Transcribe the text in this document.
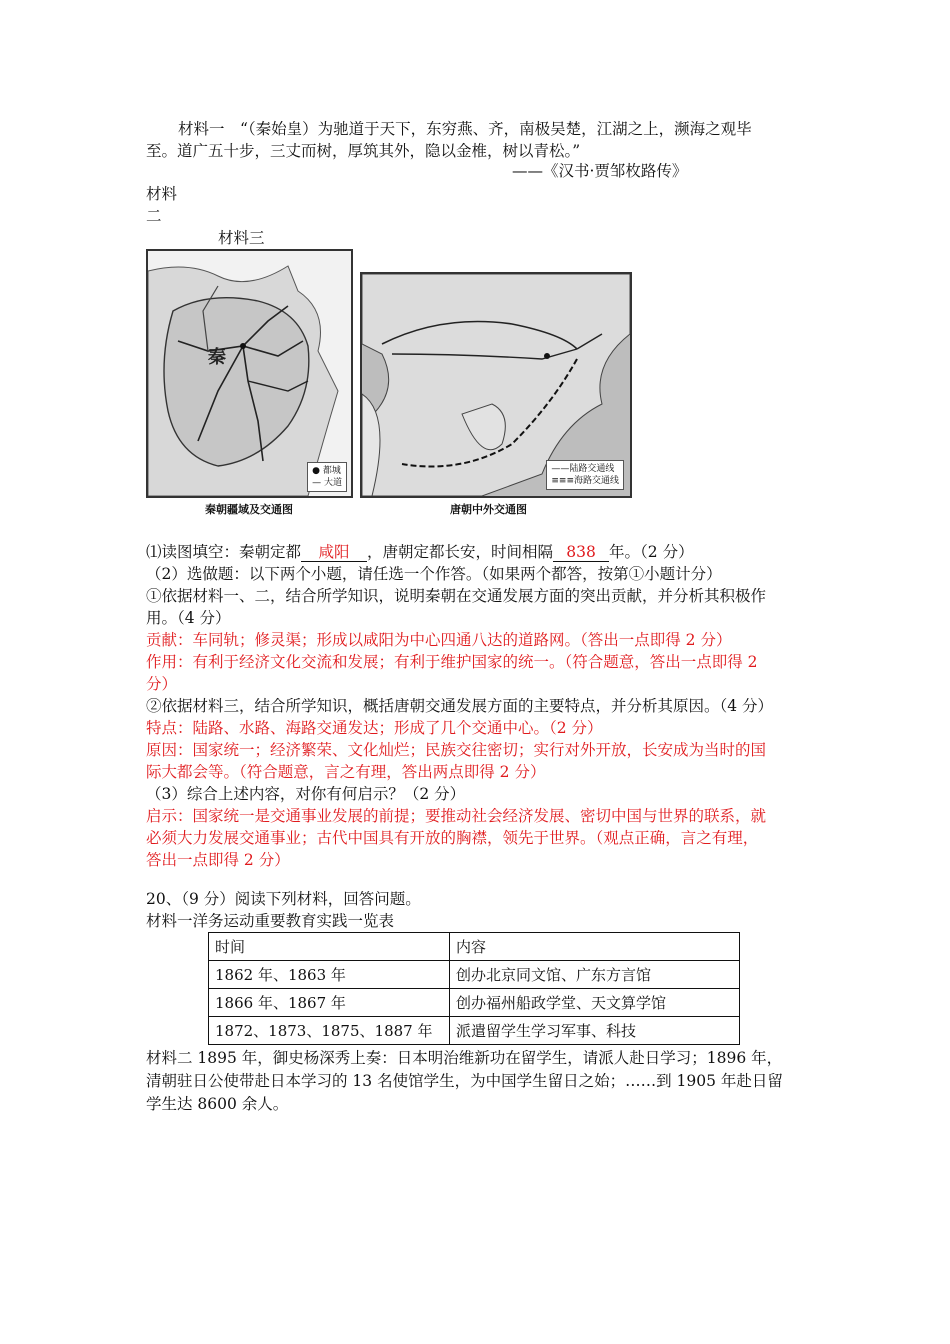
材料一　“（秦始皇）为驰道于天下，东穷燕、齐，南极吴楚，江湖之上，濒海之观毕
至。道广五十步，三丈而树，厚筑其外，隐以金椎，树以青松。”
——《汉书·贾邹枚路传》
材料
二
材料三
秦
● 都城
— 大道
秦朝疆域及交通图
——陆路交通线
≡≡≡海路交通线
唐朝中外交通图
⑴读图填空：秦朝定都 咸阳 ，唐朝定都长安，时间相隔 838 年。（2 分）
（2）选做题：以下两个小题，请任选一个作答。（如果两个都答，按第①小题计分）
①依据材料一、二，结合所学知识，说明秦朝在交通发展方面的突出贡献，并分析其积极作
用。（4 分）
贡献：车同轨；修灵渠；形成以咸阳为中心四通八达的道路网。（答出一点即得 2 分）
作用：有利于经济文化交流和发展；有利于维护国家的统一。（符合题意，答出一点即得 2
分）
②依据材料三，结合所学知识，概括唐朝交通发展方面的主要特点，并分析其原因。（4 分）
特点：陆路、水路、海路交通发达；形成了几个交通中心。（2 分）
原因：国家统一；经济繁荣、文化灿烂；民族交往密切；实行对外开放，长安成为当时的国
际大都会等。（符合题意，言之有理，答出两点即得 2 分）
（3）综合上述内容，对你有何启示？（2 分）
启示：国家统一是交通事业发展的前提；要推动社会经济发展、密切中国与世界的联系，就
必须大力发展交通事业；古代中国具有开放的胸襟，领先于世界。（观点正确，言之有理，
答出一点即得 2 分）
20、（9 分）阅读下列材料，回答问题。
材料一洋务运动重要教育实践一览表
时间	内容
1862 年、1863 年	创办北京同文馆、广东方言馆
1866 年、1867 年	创办福州船政学堂、天文算学馆
1872、1873、1875、1887 年	派遣留学生学习军事、科技
材料二 1895 年，御史杨深秀上奏：日本明治维新功在留学生，请派人赴日学习；1896 年，
清朝驻日公使带赴日本学习的 13 名使馆学生，为中国学生留日之始；……到 1905 年赴日留
学生达 8600 余人。
